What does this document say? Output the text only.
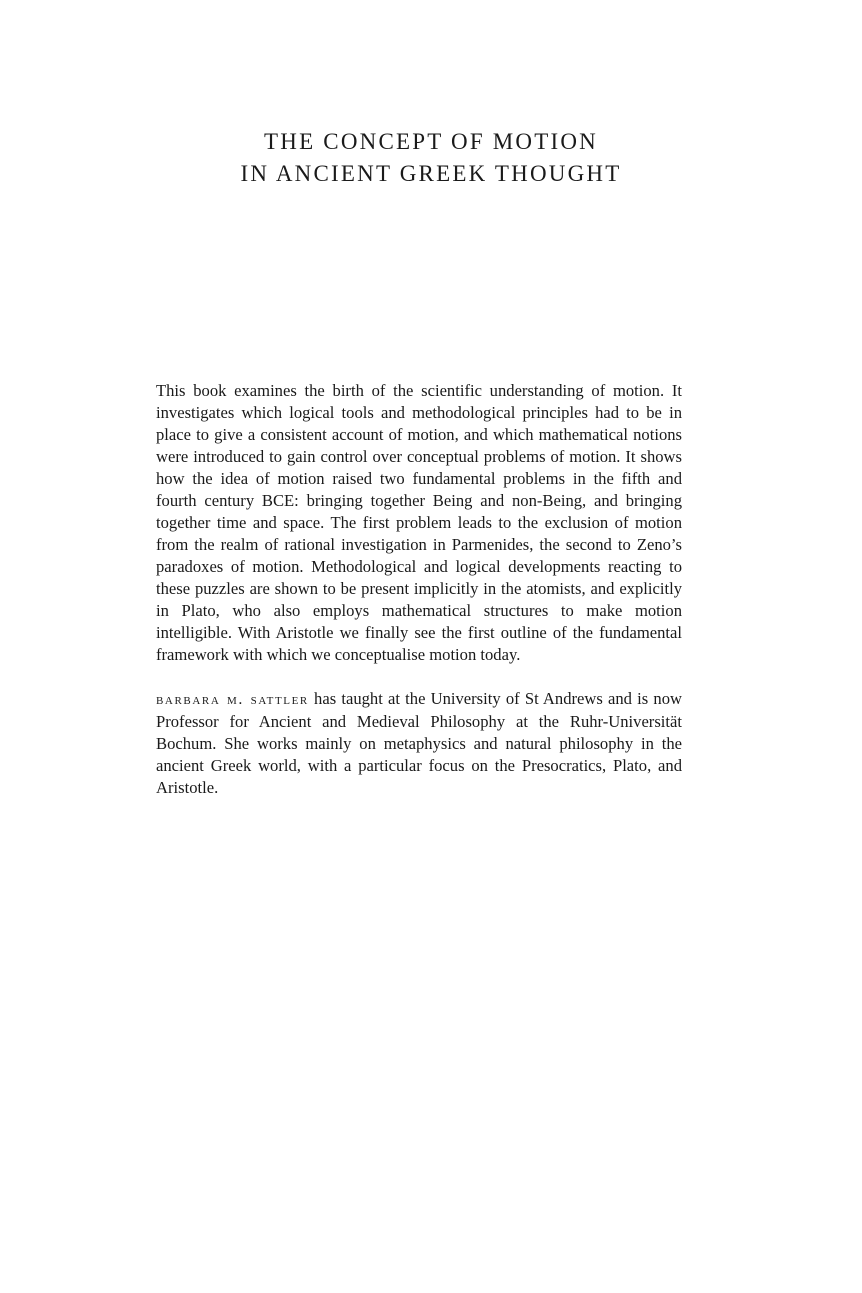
THE CONCEPT OF MOTION
IN ANCIENT GREEK THOUGHT

This book examines the birth of the scientific understanding of motion. It investigates which logical tools and methodological principles had to be in place to give a consistent account of motion, and which mathematical notions were introduced to gain control over conceptual problems of motion. It shows how the idea of motion raised two fundamental problems in the fifth and fourth century BCE: bringing together Being and non-Being, and bringing together time and space. The first problem leads to the exclusion of motion from the realm of rational investigation in Parmenides, the second to Zeno’s paradoxes of motion. Methodological and logical developments reacting to these puzzles are shown to be present implicitly in the atomists, and explicitly in Plato, who also employs mathematical structures to make motion intelligible. With Aristotle we finally see the first outline of the fundamental framework with which we conceptualise motion today.

barbara m. sattler has taught at the University of St Andrews and is now Professor for Ancient and Medieval Philosophy at the Ruhr-Universität Bochum. She works mainly on metaphysics and natural philosophy in the ancient Greek world, with a particular focus on the Presocratics, Plato, and Aristotle.
